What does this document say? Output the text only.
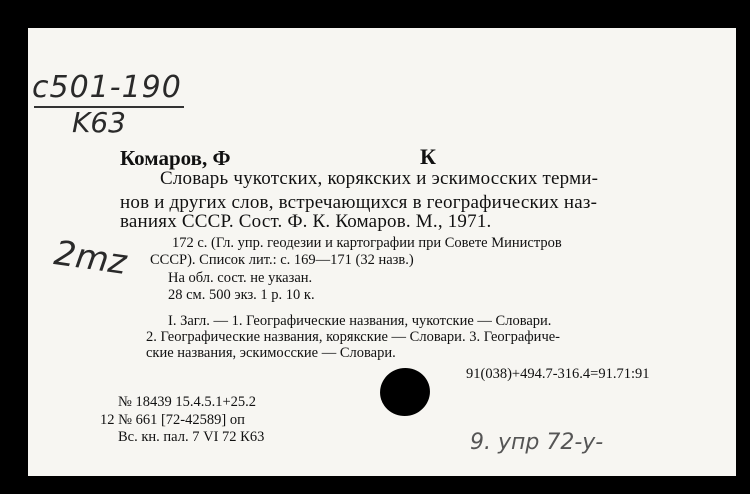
c501-190
K63
2mz
Комаров, Ф	К
Словарь чукотских, корякских и эскимосских терми-
нов и других слов, встречающихся в географических наз-
ваниях СССР. Сост. Ф. К. Комаров. М., 1971.
172 с. (Гл. упр. геодезии и картографии при Совете Министров
СССР). Список лит.: с. 169—171 (32 назв.)
На обл. сост. не указан.
28 см. 500 экз. 1 р. 10 к.
I. Загл. — 1. Географические названия, чукотские — Словари.
2. Географические названия, корякские — Словари. 3. Географиче-
ские названия, эскимосские — Словари.
91(038)+494.7-316.4=91.71:91
№ 18439 15.4.5.1+25.2
12 № 661 [72-42589] оп
Вс. кн. пал. 7 VI 72 К63	9. упр 72-у-
